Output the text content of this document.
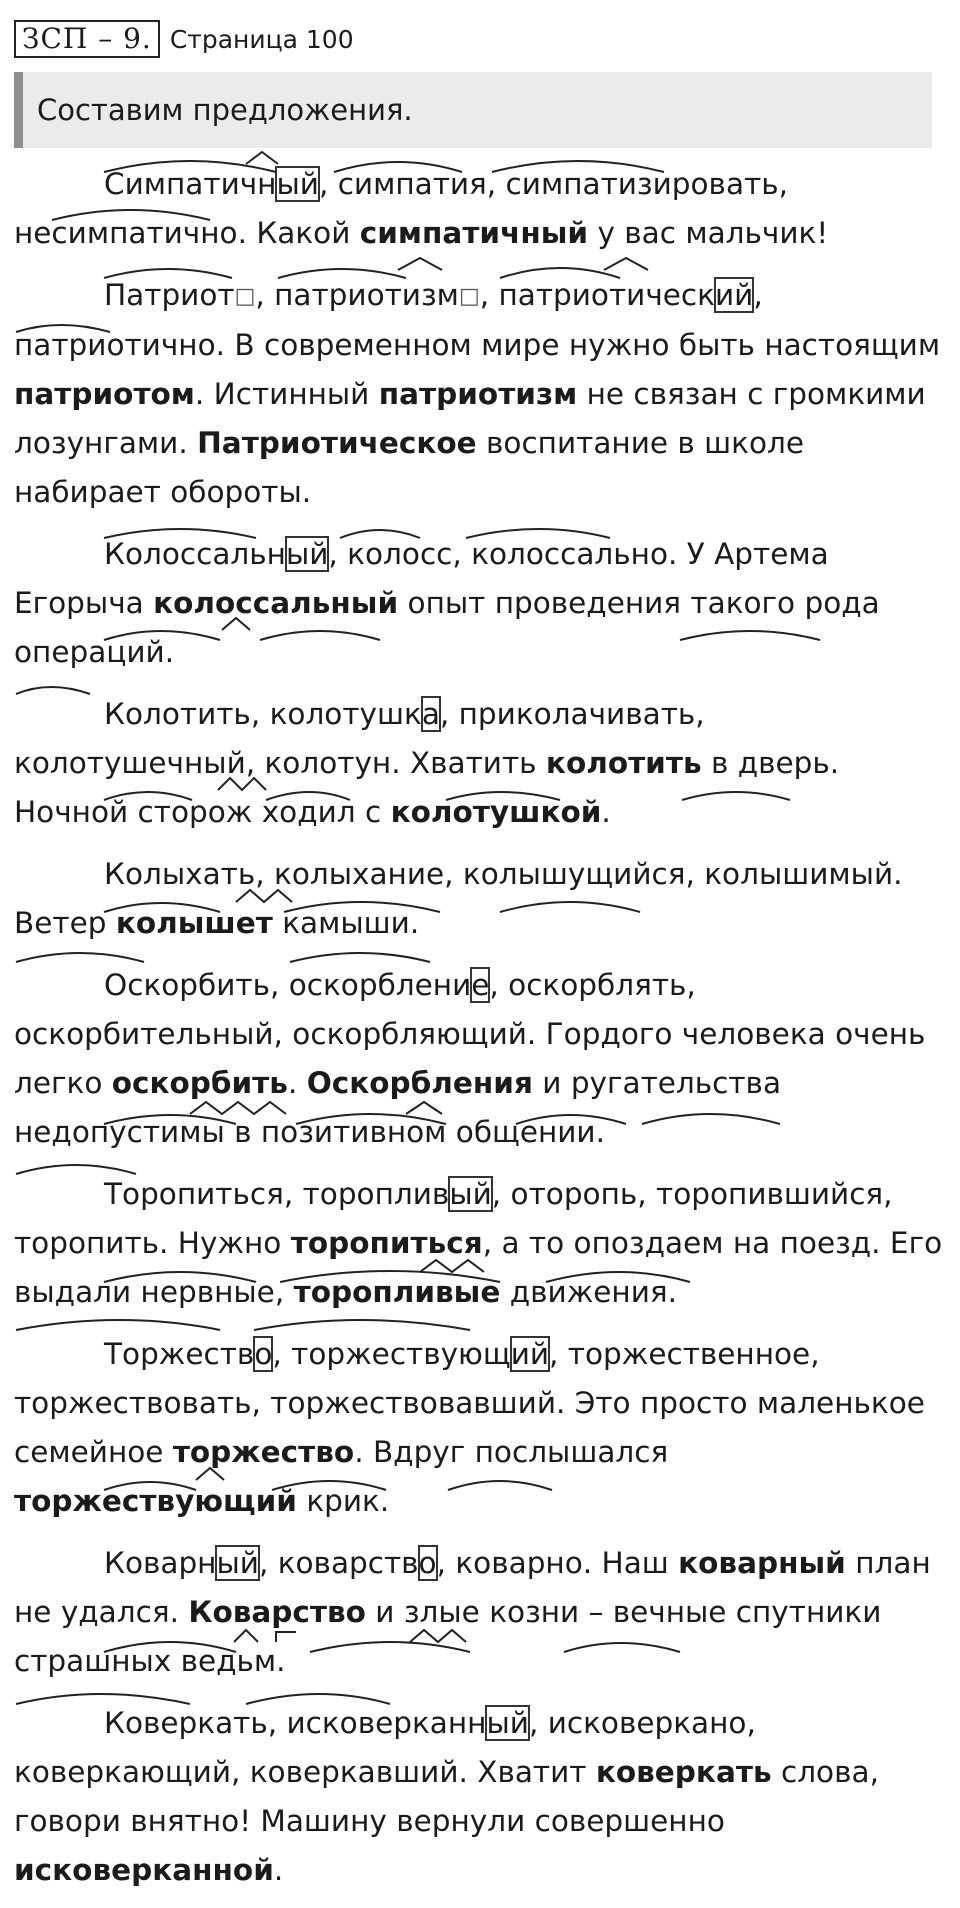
ЗСП – 9. Страница 100
Составим предложения.

Симпатичный, симпатия, симпатизировать, несимпатично. Какой симпатичный у вас мальчик!

Патриот□, патриотизм□, патриотический, патриотично. В современном мире нужно быть настоящим патриотом. Истинный патриотизм не связан с громкими лозунгами. Патриотическое воспитание в школе набирает обороты.

Колоссальный, колосс, колоссально. У Артема Егорыча колоссальный опыт проведения такого рода операций.

Колотить, колотушка, приколачивать, колотушечный, колотун. Хватить колотить в дверь. Ночной сторож ходил с колотушкой.

Колыхать, колыхание, колышущийся, колышимый. Ветер колышет камыши.

Оскорбить, оскорбление, оскорблять, оскорбительный, оскорбляющий. Гордого человека очень легко оскорбить. Оскорбления и ругательства недопустимы в позитивном общении.

Торопиться, торопливый, оторопь, торопившийся, торопить. Нужно торопиться, а то опоздаем на поезд. Его выдали нервные, торопливые движения.

Торжество, торжествующий, торжественное, торжествовать, торжествовавший. Это просто маленькое семейное торжество. Вдруг послышался торжествующий крик.

Коварный, коварство, коварно. Наш коварный план не удался. Коварство и злые козни – вечные спутники страшных ведьм.

Коверкать, исковерканный, исковеркано, коверкающий, коверкавший. Хватит коверкать слова, говори внятно! Машину вернули совершенно исковерканной.
